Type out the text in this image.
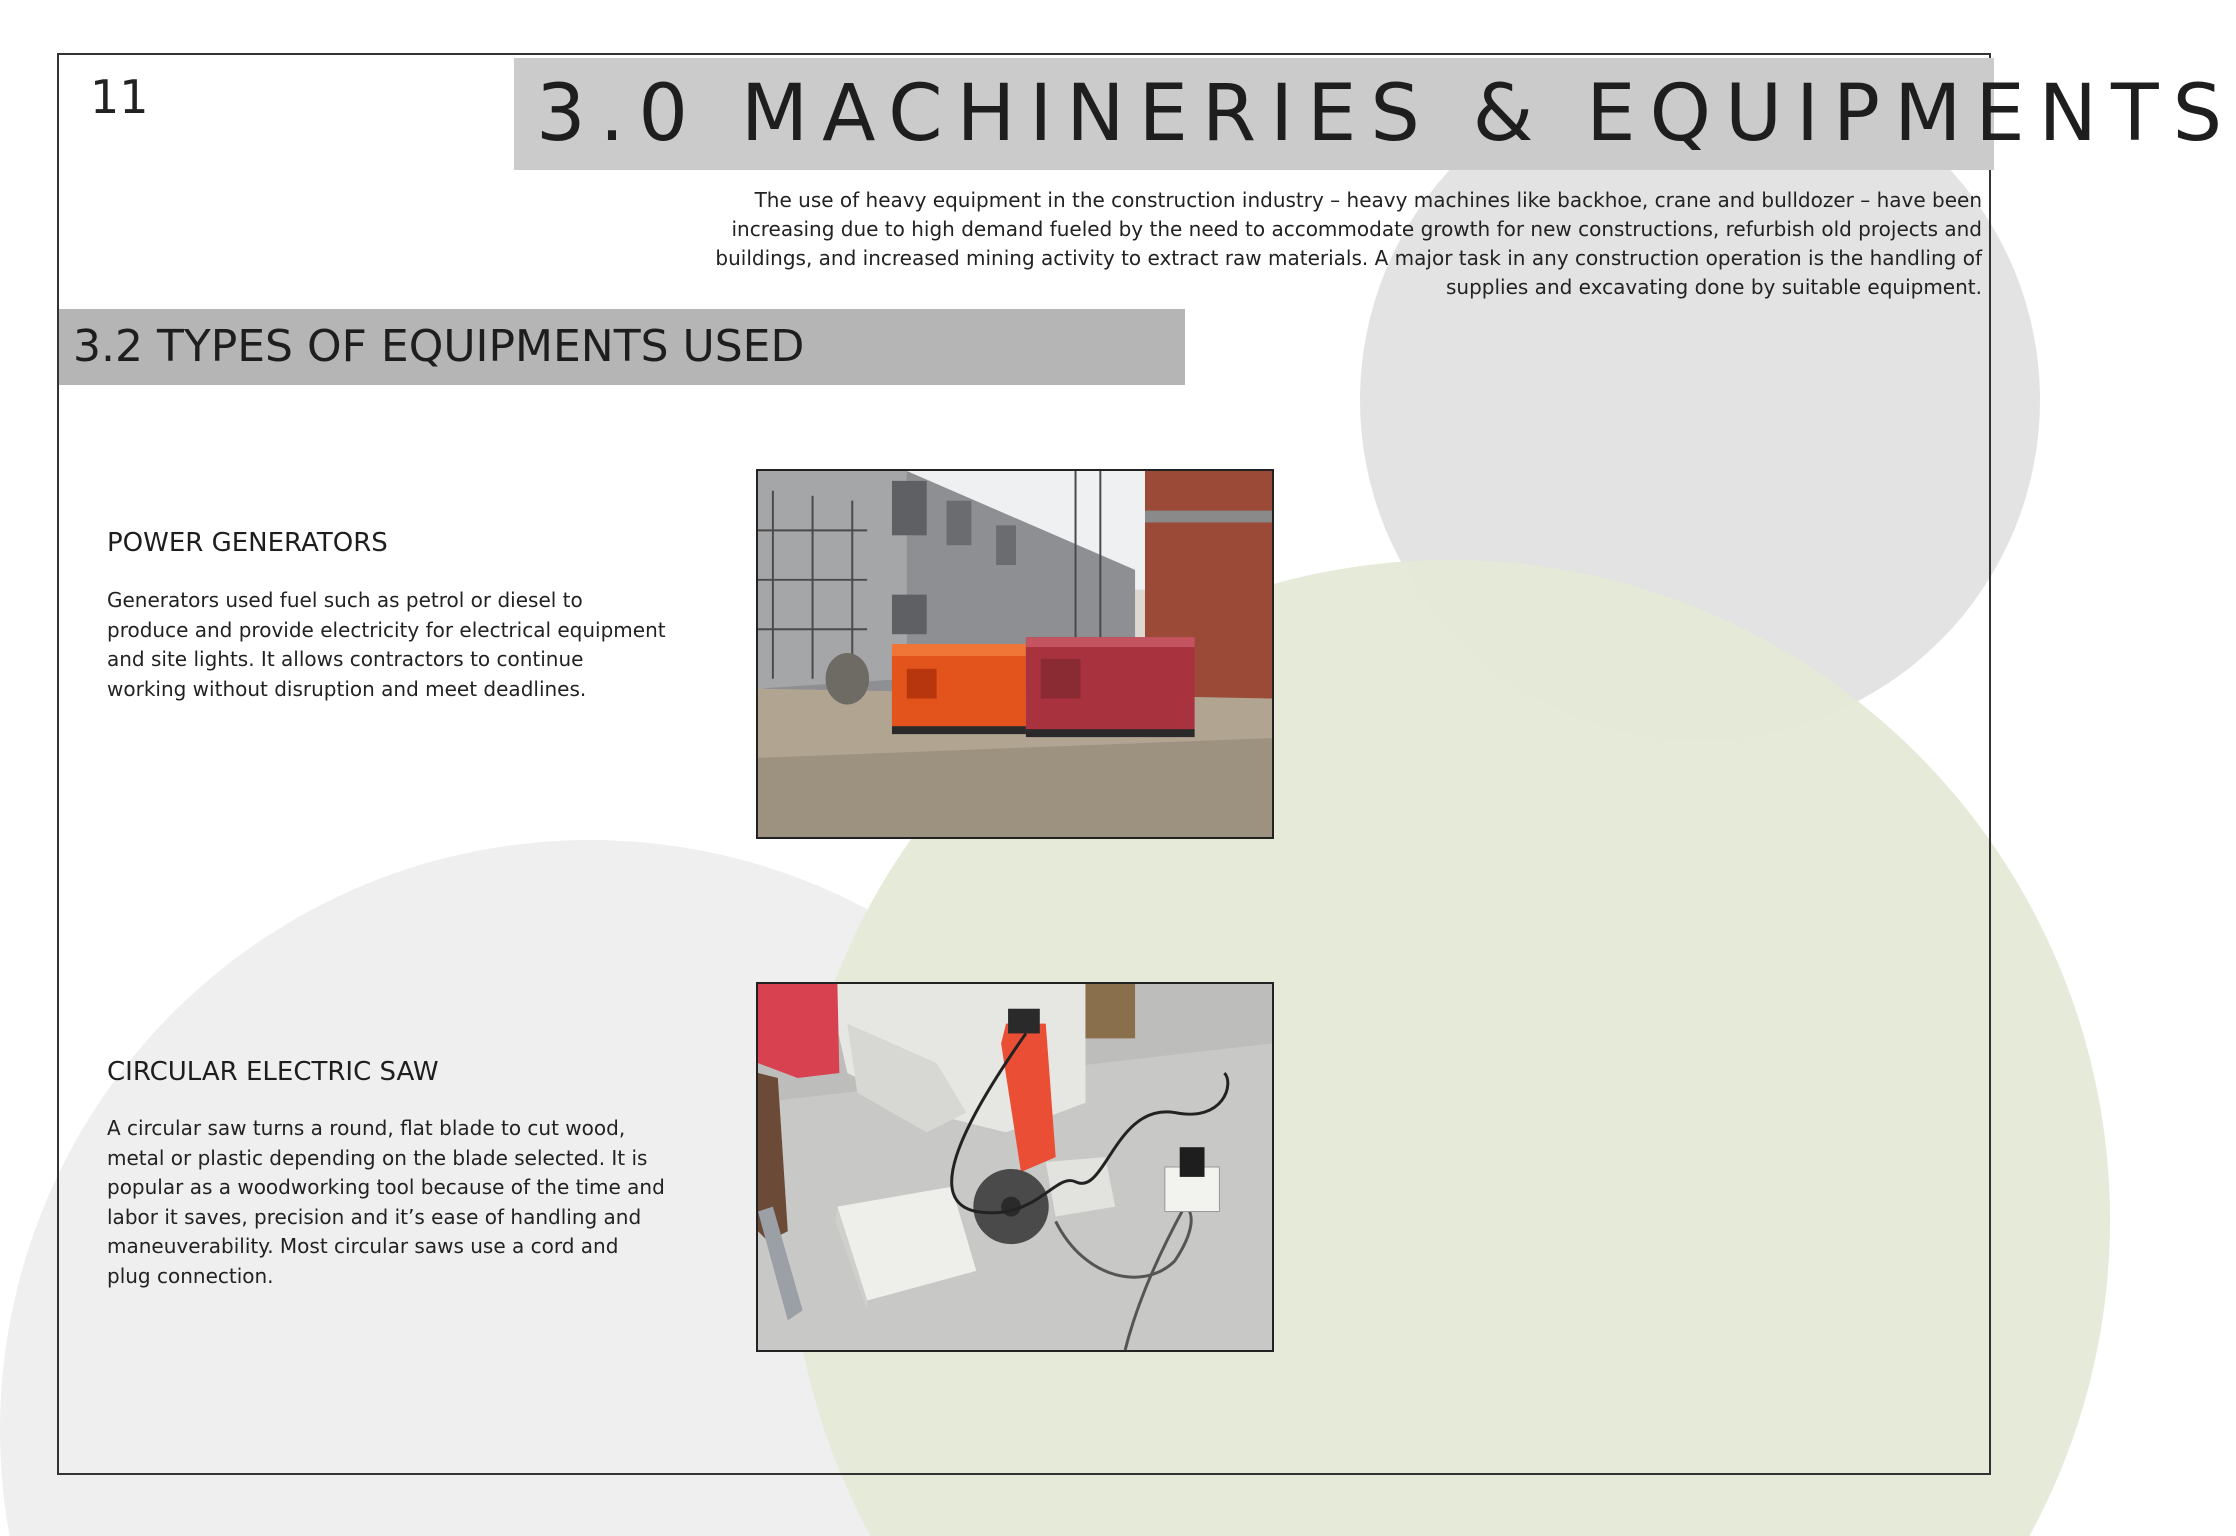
11	3.0 MACHINERIES & EQUIPMENTS
The use of heavy equipment in the construction industry – heavy machines like backhoe, crane and bulldozer – have been increasing due to high demand fueled by the need to accommodate growth for new constructions, refurbish old projects and buildings, and increased mining activity to extract raw materials. A major task in any construction operation is the handling of supplies and excavating done by suitable equipment.
3.2 TYPES OF EQUIPMENTS USED
POWER GENERATORS
Generators used fuel such as petrol or diesel to produce and provide electricity for electrical equipment and site lights. It allows contractors to continue working without disruption and meet deadlines.
CIRCULAR ELECTRIC SAW
A circular saw turns a round, flat blade to cut wood, metal or plastic depending on the blade selected. It is popular as a woodworking tool because of the time and labor it saves, precision and it’s ease of handling and maneuverability. Most circular saws use a cord and plug connection.
